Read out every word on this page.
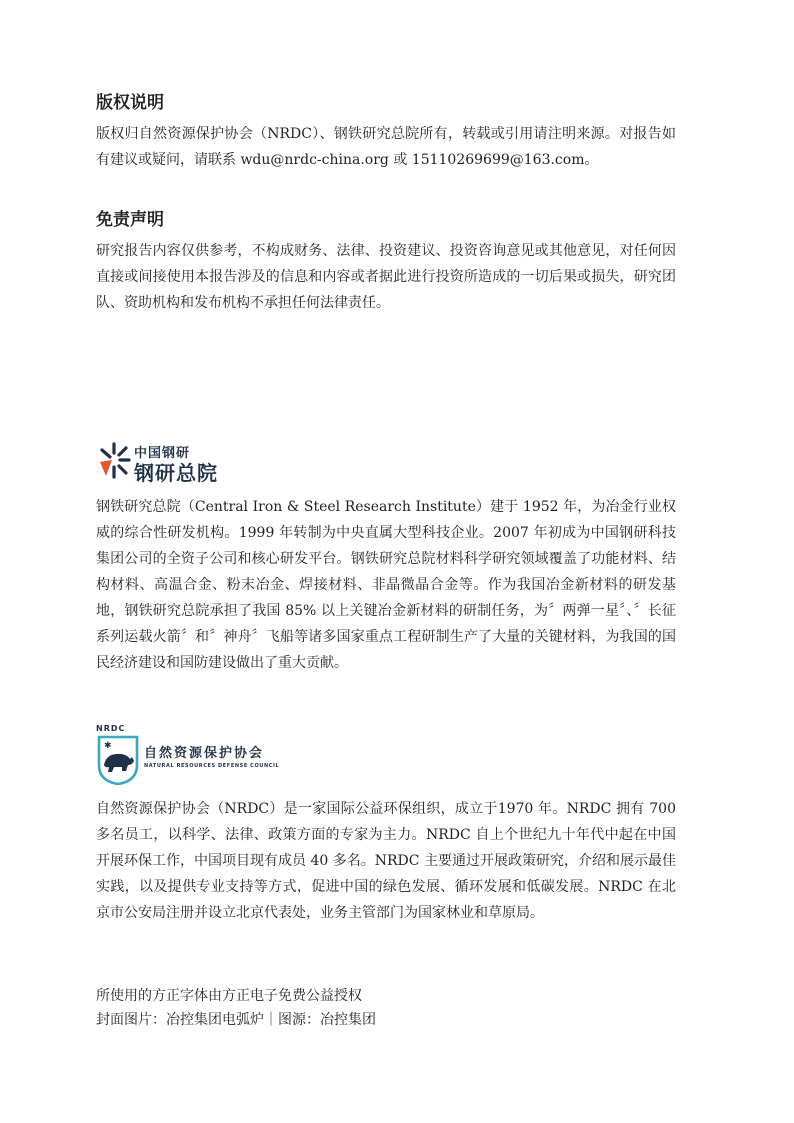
版权说明

版权归自然资源保护协会（NRDC）、钢铁研究总院所有，转载或引用请注明来源。对报告如有建议或疑问，请联系 wdu@nrdc-china.org 或 15110269699@163.com。

免责声明

研究报告内容仅供参考，不构成财务、法律、投资建议、投资咨询意见或其他意见，对任何因直接或间接使用本报告涉及的信息和内容或者据此进行投资所造成的一切后果或损失，研究团队、资助机构和发布机构不承担任何法律责任。

中国钢研
钢研总院

钢铁研究总院（Central Iron & Steel Research Institute）建于 1952 年，为冶金行业权威的综合性研发机构。1999 年转制为中央直属大型科技企业。2007 年初成为中国钢研科技集团公司的全资子公司和核心研发平台。钢铁研究总院材料科学研究领域覆盖了功能材料、结构材料、高温合金、粉末冶金、焊接材料、非晶微晶合金等。作为我国冶金新材料的研发基地，钢铁研究总院承担了我国 85% 以上关键冶金新材料的研制任务，为〞两弹一星〞、〞长征系列运载火箭〞和〞神舟〞飞船等诸多国家重点工程研制生产了大量的关键材料，为我国的国民经济建设和国防建设做出了重大贡献。

NRDC
✱ 自然资源保护协会
NATURAL RESOURCES DEFENSE COUNCIL

自然资源保护协会（NRDC）是一家国际公益环保组织，成立于1970 年。NRDC 拥有 700 多名员工，以科学、法律、政策方面的专家为主力。NRDC 自上个世纪九十年代中起在中国开展环保工作，中国项目现有成员 40 多名。NRDC 主要通过开展政策研究，介绍和展示最佳实践，以及提供专业支持等方式，促进中国的绿色发展、循环发展和低碳发展。NRDC 在北京市公安局注册并设立北京代表处，业务主管部门为国家林业和草原局。

所使用的方正字体由方正电子免费公益授权

封面图片：冶控集团电弧炉｜图源：冶控集团
